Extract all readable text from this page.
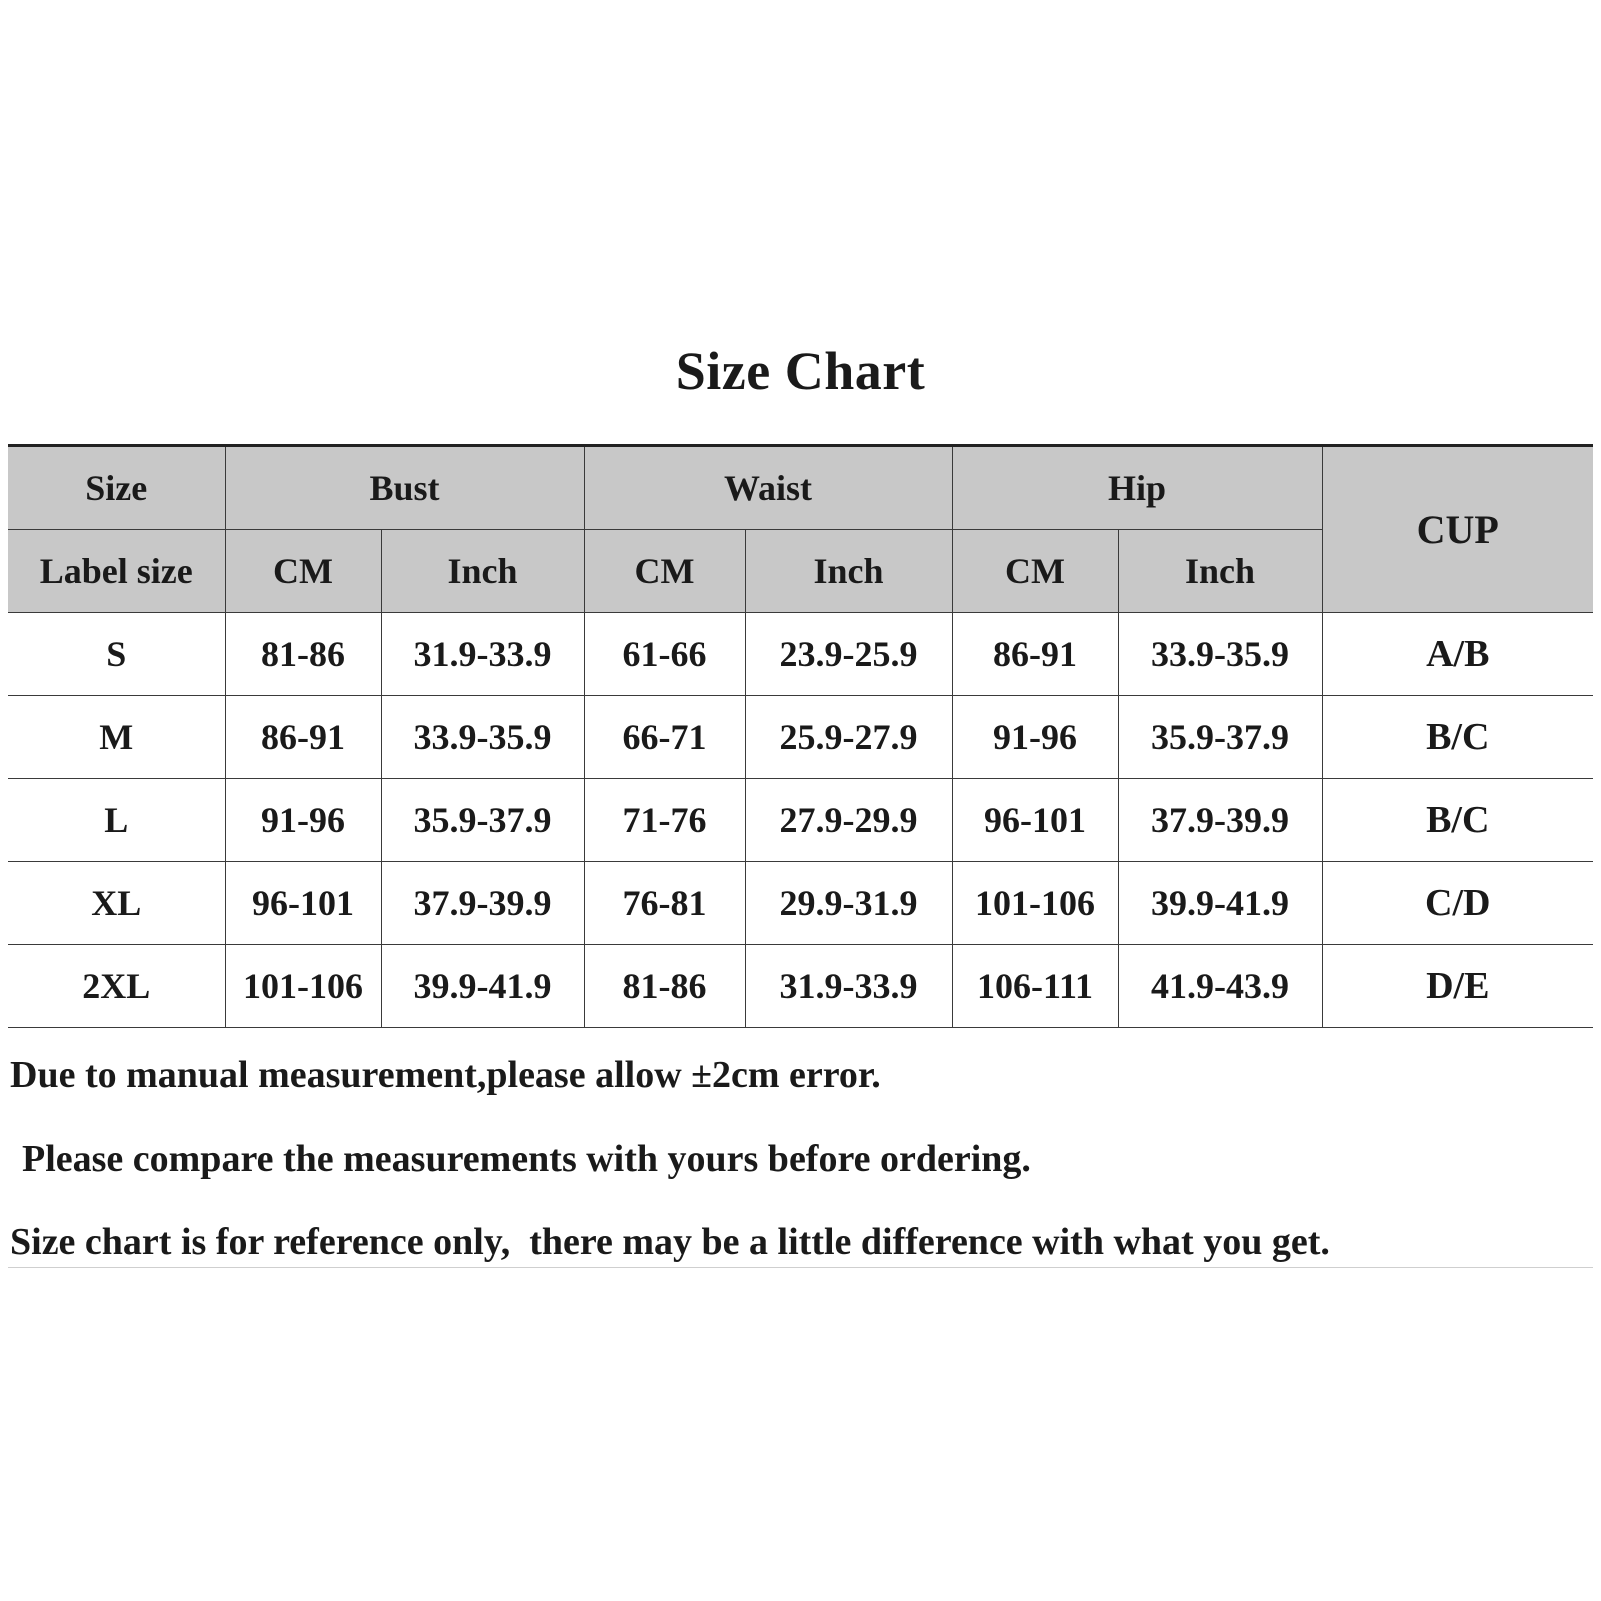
Size Chart
Size	Bust		Waist		Hip		CUP
Label size	CM	Inch	CM	Inch	CM	Inch	
S	81-86	31.9-33.9	61-66	23.9-25.9	86-91	33.9-35.9	A/B
M	86-91	33.9-35.9	66-71	25.9-27.9	91-96	35.9-37.9	B/C
L	91-96	35.9-37.9	71-76	27.9-29.9	96-101	37.9-39.9	B/C
XL	96-101	37.9-39.9	76-81	29.9-31.9	101-106	39.9-41.9	C/D
2XL	101-106	39.9-41.9	81-86	31.9-33.9	106-111	41.9-43.9	D/E
Due to manual measurement,please allow ±2cm error.
Please compare the measurements with yours before ordering.
Size chart is for reference only,  there may be a little difference with what you get.
